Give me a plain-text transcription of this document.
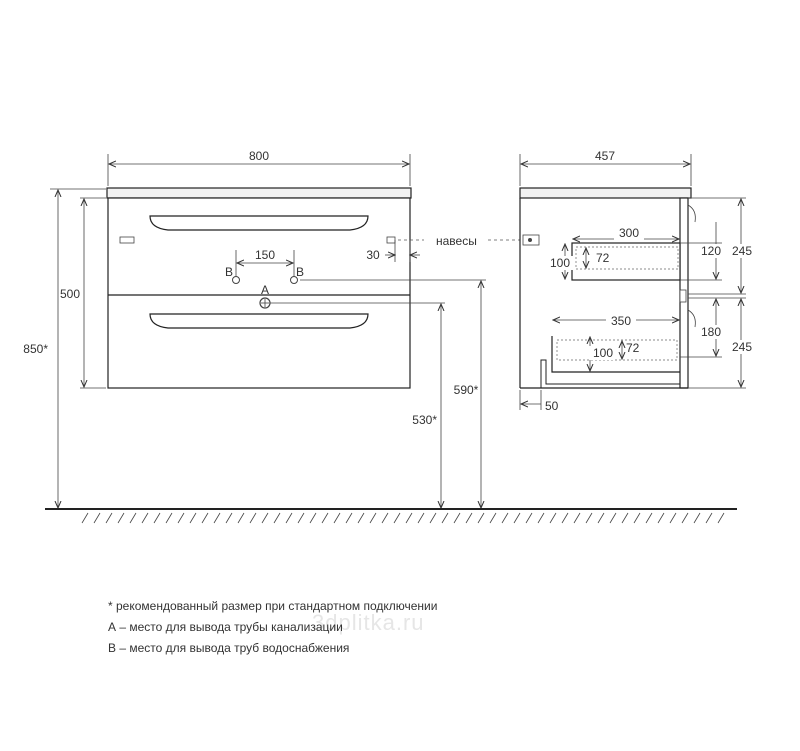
800
850*
500
150
B	B
A
30
навесы
530*
590*
457
300
72
100
120 245
350
72
100
180
245
50
3dplitka.ru
* рекомендованный размер при стандартном подключении
А – место для вывода трубы канализации
В – место для вывода труб водоснабжения
